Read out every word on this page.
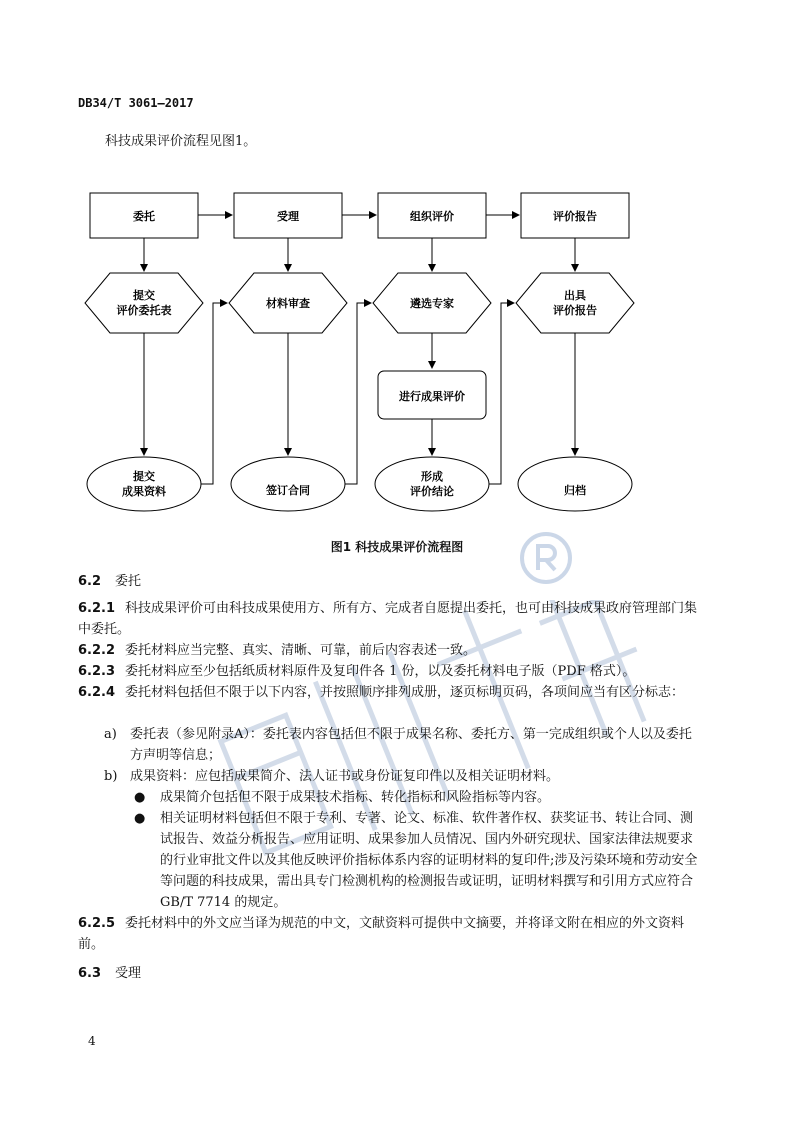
DB34/T 3061—2017
科技成果评价流程见图1。
委托	受理	组织评价	评价报告
提交
评价委托表
材料审查	遴选专家
出具
评价报告
进行成果评价
提交
成果资料	签订合同
形成
评价结论	归档
图1 科技成果评价流程图
6.2 委托
6.2.1 科技成果评价可由科技成果使用方、所有方、完成者自愿提出委托，也可由科技成果政府管理部门集中委托。
6.2.2 委托材料应当完整、真实、清晰、可靠，前后内容表述一致。
6.2.3 委托材料应至少包括纸质材料原件及复印件各 1 份，以及委托材料电子版（PDF 格式）。
6.2.4 委托材料包括但不限于以下内容，并按照顺序排列成册，逐页标明页码，各项间应当有区分标志：
a) 委托表（参见附录A）：委托表内容包括但不限于成果名称、委托方、第一完成组织或个人以及委托方声明等信息；
b) 成果资料：应包括成果简介、法人证书或身份证复印件以及相关证明材料。
● 成果简介包括但不限于成果技术指标、转化指标和风险指标等内容。
● 相关证明材料包括但不限于专利、专著、论文、标准、软件著作权、获奖证书、转让合同、测试报告、效益分析报告、应用证明、成果参加人员情况、国内外研究现状、国家法律法规要求的行业审批文件以及其他反映评价指标体系内容的证明材料的复印件;涉及污染环境和劳动安全等问题的科技成果，需出具专门检测机构的检测报告或证明，证明材料撰写和引用方式应符合 GB/T 7714 的规定。
6.2.5 委托材料中的外文应当译为规范的中文，文献资料可提供中文摘要，并将译文附在相应的外文资料前。
6.3 受理
4
